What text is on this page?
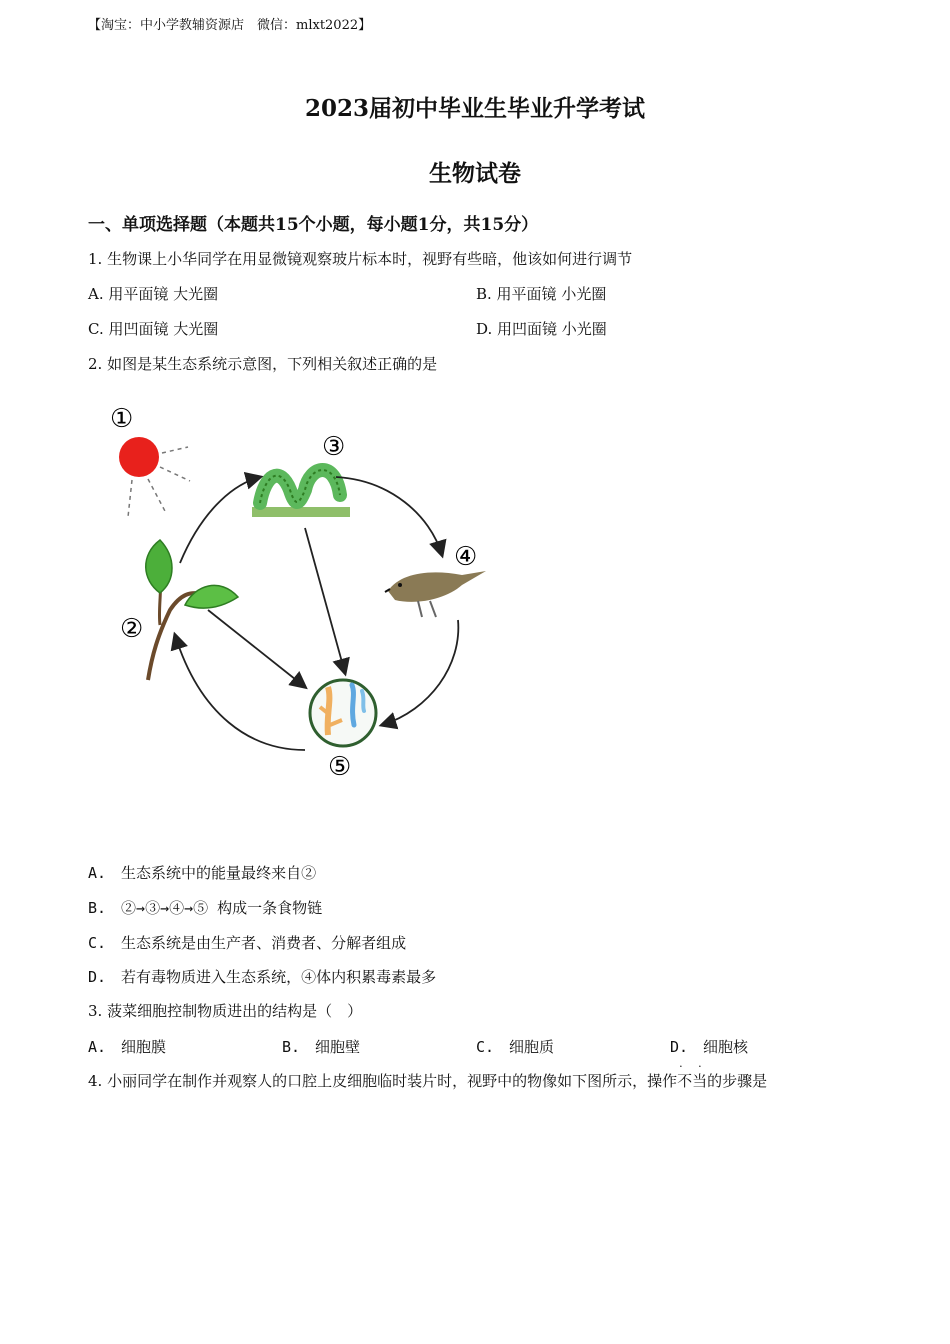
【淘宝：中小学教辅资源店　微信：mlxt2022】
2023届初中毕业生毕业升学考试
生物试卷
一、单项选择题（本题共15个小题，每小题1分，共15分）
1. 生物课上小华同学在用显微镜观察玻片标本时，视野有些暗，他该如何进行调节
A. 用平面镜 大光圈	B. 用平面镜 小光圈
C. 用凹面镜 大光圈	D. 用凹面镜 小光圈
2. 如图是某生态系统示意图，下列相关叙述正确的是
①
②
③
④
⑤
A.　生态系统中的能量最终来自②
B.　②→③→④→⑤ 构成一条食物链
C.　生态系统是由生产者、消费者、分解者组成
D.　若有毒物质进入生态系统，④体内积累毒素最多
3. 菠菜细胞控制物质进出的结构是（　）
A.　细胞膜	B.　细胞壁	C.　细胞质	D.　细胞核
4. 小丽同学在制作并观察人的口腔上皮细胞临时装片时，视野中的物像如下图所示，操作不当 · ·的步骤是
